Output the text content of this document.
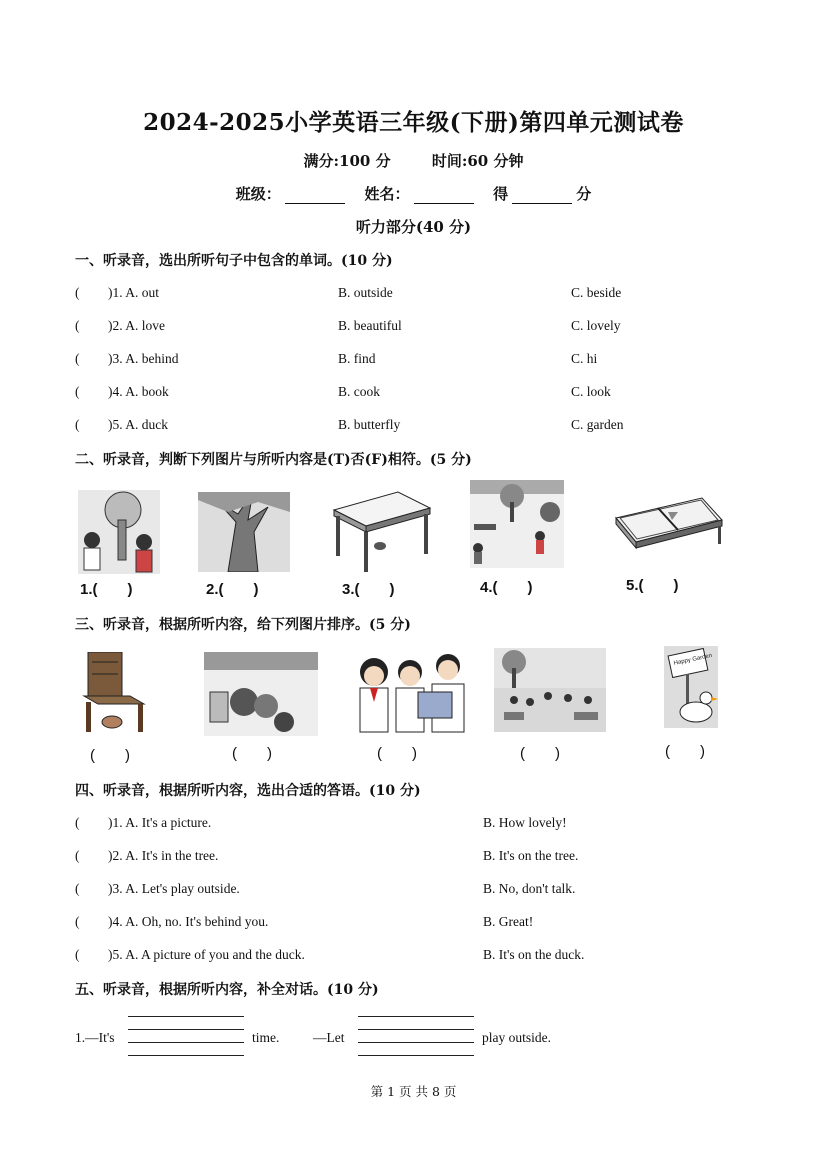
2024-2025小学英语三年级(下册)第四单元测试卷
满分:100 分	时间:60 分钟
班级：	姓名：	得	分
听力部分(40 分)
一、听录音，选出所听句子中包含的单词。(10 分)
( )1. A. out	B. outside	C. beside
( )2. A. love	B. beautiful	C. lovely
( )3. A. behind	B. find	C. hi
( )4. A. book	B. cook	C. look
( )5. A. duck	B. butterfly	C. garden
二、听录音，判断下列图片与所听内容是(T)否(F)相符。(5 分)
1.(　　)	2.(　　)	3.(　　)	4.(　　)	5.(　　)
三、听录音，根据所听内容，给下列图片排序。(5 分)
Happy Garden
(　　)	(　　)	(　　)	(　　)	(　　)
四、听录音，根据所听内容，选出合适的答语。(10 分)
( )1. A. It's a picture.	B. How lovely!
( )2. A. It's in the tree.	B. It's on the tree.
( )3. A. Let's play outside.	B. No, don't talk.
( )4. A. Oh, no. It's behind you.	B. Great!
( )5. A. A picture of you and the duck.	B. It's on the duck.
五、听录音，根据所听内容，补全对话。(10 分)
1.—It's	time. —Let	play outside.
第 1 页 共 8 页
